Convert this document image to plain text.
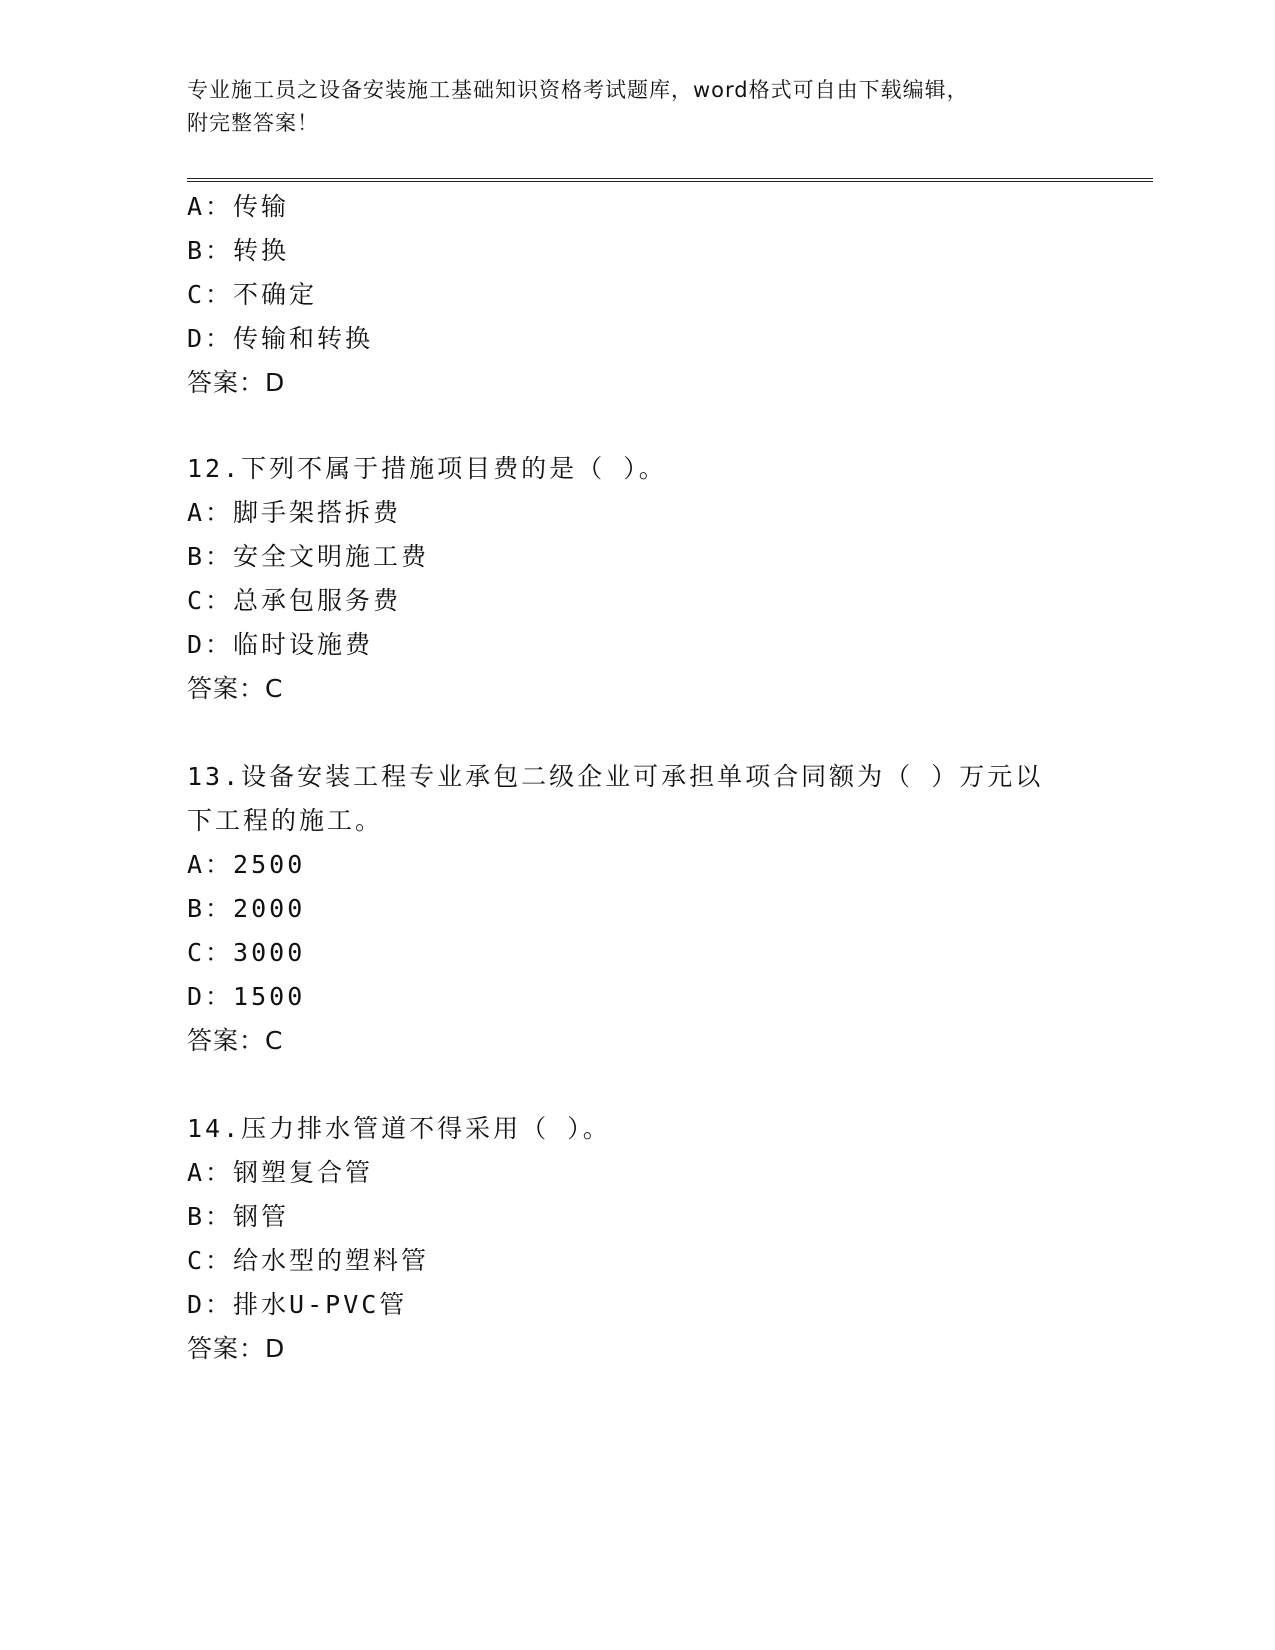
专业施工员之设备安装施工基础知识资格考试题库，word格式可自由下载编辑，
附完整答案！
A：传输
B：转换
C：不确定
D：传输和转换
答案：D
12.下列不属于措施项目费的是（ ）。
A：脚手架搭拆费
B：安全文明施工费
C：总承包服务费
D：临时设施费
答案：C
13.设备安装工程专业承包二级企业可承担单项合同额为（ ）万元以
下工程的施工。
A：2500
B：2000
C：3000
D：1500
答案：C
14.压力排水管道不得采用（ ）。
A：钢塑复合管
B：钢管
C：给水型的塑料管
D：排水U-PVC管
答案：D
